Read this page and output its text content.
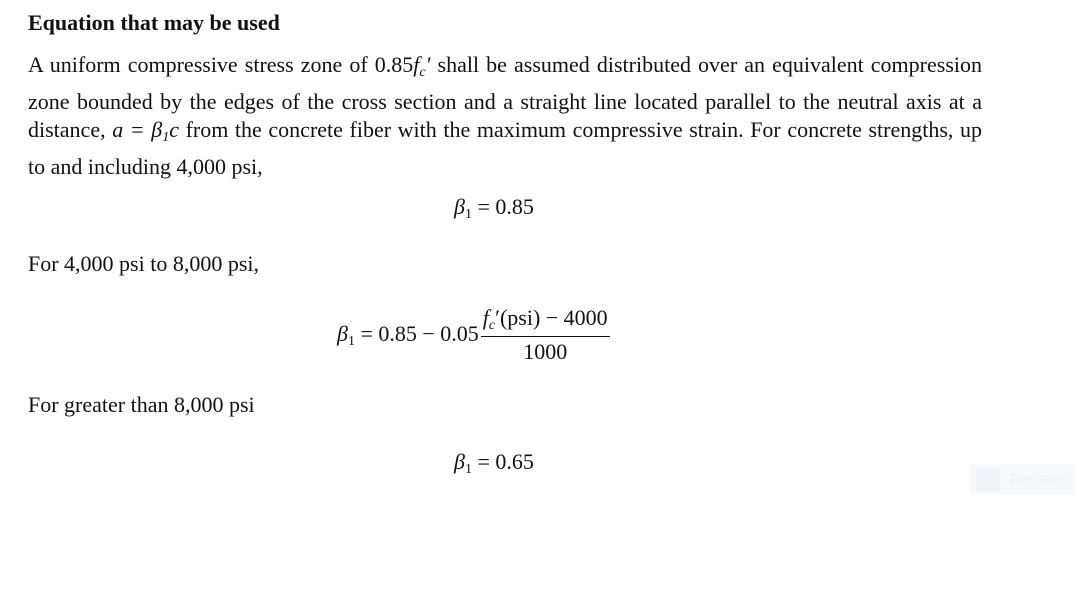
Equation that may be used
A uniform compressive stress zone of $0.85f_c'$ shall be assumed distributed over an equivalent compression zone bounded by the edges of the cross section and a straight line located parallel to the neutral axis at a distance, $a = \beta_1c$ from the concrete fiber with the maximum compressive strain. For concrete strengths, up to and including 4,000 psi,
$\beta_1 = 0.85$
For 4,000 psi to 8,000 psi,
$\beta_1 = 0.85 - 0.05 \frac{f_c'(psi) - 4000}{1000}$
For greater than 8,000 psi
$\beta_1 = 0.65$
Rectang
